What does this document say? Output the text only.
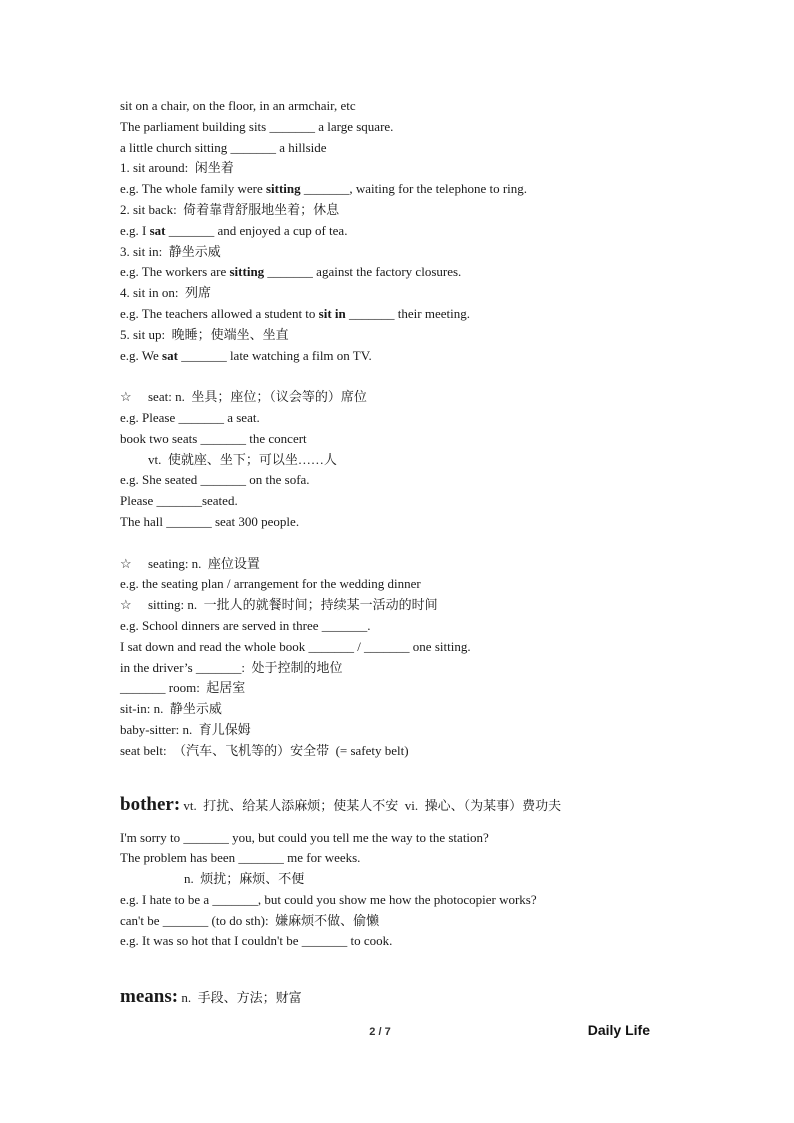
sit on a chair, on the floor, in an armchair, etc
The parliament building sits _______ a large square.
a little church sitting _______ a hillside
1. sit around:  闲坐着
e.g. The whole family were sitting _______, waiting for the telephone to ring.
2. sit back:  倚着靠背舒服地坐着；休息
e.g. I sat _______ and enjoyed a cup of tea.
3. sit in:  静坐示威
e.g. The workers are sitting _______ against the factory closures.
4. sit in on:  列席
e.g. The teachers allowed a student to sit in _______ their meeting.
5. sit up:  晚睡；使端坐、坐直
e.g. We sat _______ late watching a film on TV.
☆ seat: n.  坐具；座位；（议会等的）席位
e.g. Please _______ a seat.
book two seats _______ the concert
vt.  使就座、坐下；可以坐……人
e.g. She seated _______ on the sofa.
Please _______seated.
The hall _______ seat 300 people.
☆ seating: n.  座位设置
e.g. the seating plan / arrangement for the wedding dinner
☆ sitting: n.  一批人的就餐时间；持续某一活动的时间
e.g. School dinners are served in three _______.
I sat down and read the whole book _______ / _______ one sitting.
in the driver’s _______:  处于控制的地位
_______ room:  起居室
sit-in: n.  静坐示威
baby-sitter: n.  育儿保姆
seat belt:  （汽车、飞机等的）安全带  (= safety belt)
bother: vt.  打扰、给某人添麻烦；使某人不安  vi.  操心、（为某事）费功夫
I'm sorry to _______ you, but could you tell me the way to the station?
The problem has been _______ me for weeks.
n.  烦扰；麻烦、不便
e.g. I hate to be a _______, but could you show me how the photocopier works?
can't be _______ (to do sth):  嫌麻烦不做、偷懒
e.g. It was so hot that I couldn't be _______ to cook.
means: n.  手段、方法；财富
2 / 7	Daily Life
